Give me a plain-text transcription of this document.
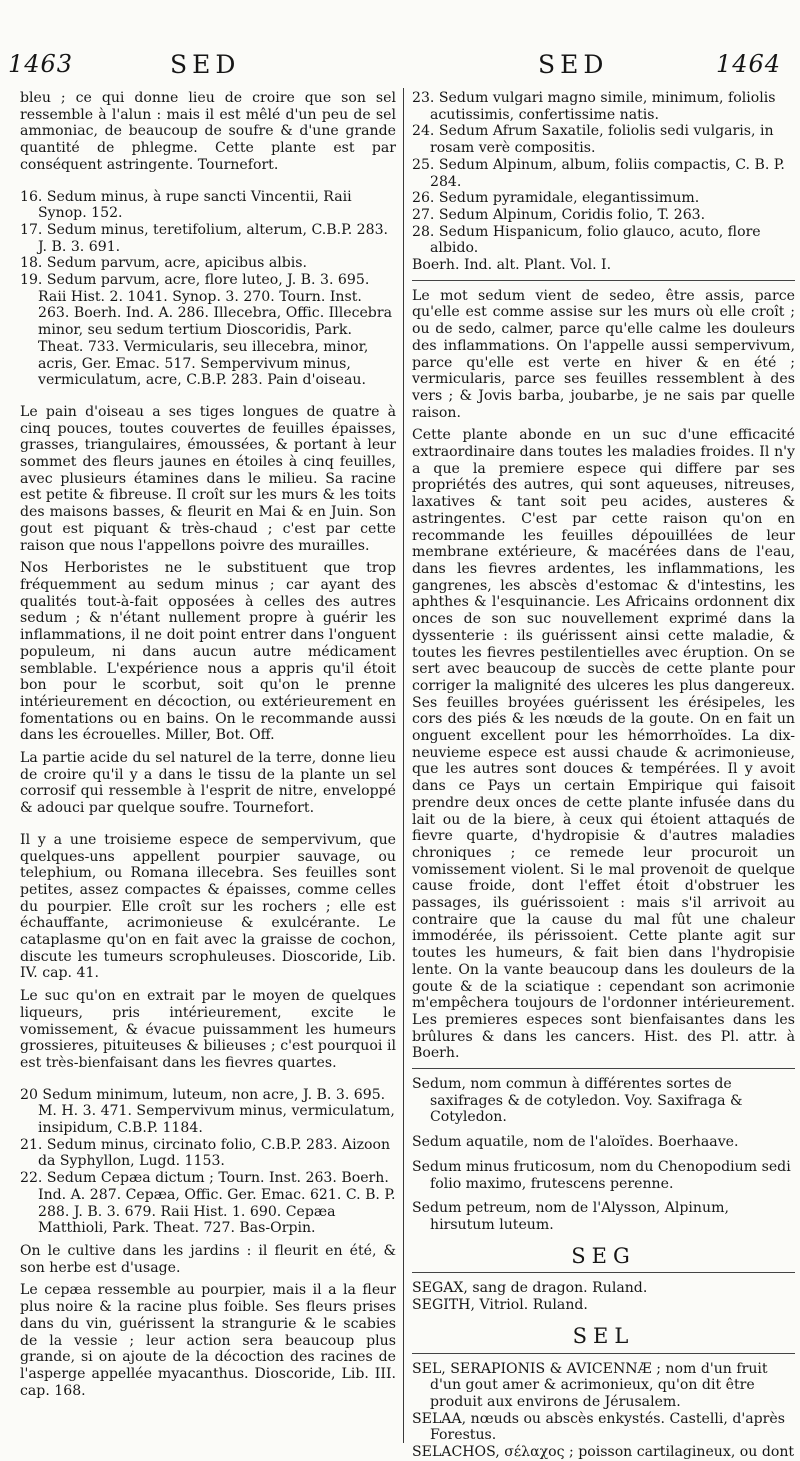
1463	SED	SED	1464

bleu ; ce qui donne lieu de croire que son sel ressemble à l'alun : mais il est mêlé d'un peu de sel ammoniac, de beaucoup de soufre & d'une grande quantité de phlegme. Cette plante est par conséquent astringente. Tournefort.

16. Sedum minus, à rupe sancti Vincentii, Raii Synop. 152.

17. Sedum minus, teretifolium, alterum, C.B.P. 283. J. B. 3. 691.

18. Sedum parvum, acre, apicibus albis.

19. Sedum parvum, acre, flore luteo, J. B. 3. 695. Raii Hist. 2. 1041. Synop. 3. 270. Tourn. Inst. 263. Boerh. Ind. A. 286. Illecebra, Offic. Illecebra minor, seu sedum tertium Dioscoridis, Park. Theat. 733. Vermicularis, seu illecebra, minor, acris, Ger. Emac. 517. Sempervivum minus, vermiculatum, acre, C.B.P. 283. Pain d'oiseau.

Le pain d'oiseau a ses tiges longues de quatre à cinq pouces, toutes couvertes de feuilles épaisses, grasses, triangulaires, émoussées, & portant à leur sommet des fleurs jaunes en étoiles à cinq feuilles, avec plusieurs étamines dans le milieu. Sa racine est petite & fibreuse. Il croît sur les murs & les toits des maisons basses, & fleurit en Mai & en Juin. Son gout est piquant & très-chaud ; c'est par cette raison que nous l'appellons poivre des murailles.

Nos Herboristes ne le substituent que trop fréquemment au sedum minus ; car ayant des qualités tout-à-fait opposées à celles des autres sedum ; & n'étant nullement propre à guérir les inflammations, il ne doit point entrer dans l'onguent populeum, ni dans aucun autre médicament semblable. L'expérience nous a appris qu'il étoit bon pour le scorbut, soit qu'on le prenne intérieurement en décoction, ou extérieurement en fomentations ou en bains. On le recommande aussi dans les écrouelles. Miller, Bot. Off.

La partie acide du sel naturel de la terre, donne lieu de croire qu'il y a dans le tissu de la plante un sel corrosif qui ressemble à l'esprit de nitre, enveloppé & adouci par quelque soufre. Tournefort.

Il y a une troisieme espece de sempervivum, que quelques-uns appellent pourpier sauvage, ou telephium, ou Romana illecebra. Ses feuilles sont petites, assez compactes & épaisses, comme celles du pourpier. Elle croît sur les rochers ; elle est échauffante, acrimonieuse & exulcérante. Le cataplasme qu'on en fait avec la graisse de cochon, discute les tumeurs scrophuleuses. Dioscoride, Lib. IV. cap. 41.

Le suc qu'on en extrait par le moyen de quelques liqueurs, pris intérieurement, excite le vomissement, & évacue puissamment les humeurs grossieres, pituiteuses & bilieuses ; c'est pourquoi il est très-bienfaisant dans les fievres quartes.

20 Sedum minimum, luteum, non acre, J. B. 3. 695. M. H. 3. 471. Sempervivum minus, vermiculatum, insipidum, C.B.P. 1184.

21. Sedum minus, circinato folio, C.B.P. 283. Aizoon da Syphyllon, Lugd. 1153.

22. Sedum Cepæa dictum ; Tourn. Inst. 263. Boerh. Ind. A. 287. Cepæa, Offic. Ger. Emac. 621. C. B. P. 288. J. B. 3. 679. Raii Hist. 1. 690. Cepæa Matthioli, Park. Theat. 727. Bas-Orpin.

On le cultive dans les jardins : il fleurit en été, & son herbe est d'usage.

Le cepæa ressemble au pourpier, mais il a la fleur plus noire & la racine plus foible. Ses fleurs prises dans du vin, guérissent la strangurie & le scabies de la vessie ; leur action sera beaucoup plus grande, si on ajoute de la décoction des racines de l'asperge appellée myacanthus. Dioscoride, Lib. III. cap. 168.

23. Sedum vulgari magno simile, minimum, foliolis acutissimis, confertissime natis.

24. Sedum Afrum Saxatile, foliolis sedi vulgaris, in rosam verè compositis.

25. Sedum Alpinum, album, foliis compactis, C. B. P. 284.

26. Sedum pyramidale, elegantissimum.

27. Sedum Alpinum, Coridis folio, T. 263.

28. Sedum Hispanicum, folio glauco, acuto, flore albido.

Boerh. Ind. alt. Plant. Vol. I.

Le mot sedum vient de sedeo, être assis, parce qu'elle est comme assise sur les murs où elle croît ; ou de sedo, calmer, parce qu'elle calme les douleurs des inflammations. On l'appelle aussi sempervivum, parce qu'elle est verte en hiver & en été ; vermicularis, parce ses feuilles ressemblent à des vers ; & Jovis barba, joubarbe, je ne sais par quelle raison.

Cette plante abonde en un suc d'une efficacité extraordinaire dans toutes les maladies froides. Il n'y a que la premiere espece qui differe par ses propriétés des autres, qui sont aqueuses, nitreuses, laxatives & tant soit peu acides, austeres & astringentes. C'est par cette raison qu'on en recommande les feuilles dépouillées de leur membrane extérieure, & macérées dans de l'eau, dans les fievres ardentes, les inflammations, les gangrenes, les abscès d'estomac & d'intestins, les aphthes & l'esquinancie. Les Africains ordonnent dix onces de son suc nouvellement exprimé dans la dyssenterie : ils guérissent ainsi cette maladie, & toutes les fievres pestilentielles avec éruption. On se sert avec beaucoup de succès de cette plante pour corriger la malignité des ulceres les plus dangereux. Ses feuilles broyées guérissent les érésipeles, les cors des piés & les nœuds de la goute. On en fait un onguent excellent pour les hémorrhoïdes. La dix-neuvieme espece est aussi chaude & acrimonieuse, que les autres sont douces & tempérées. Il y avoit dans ce Pays un certain Empirique qui faisoit prendre deux onces de cette plante infusée dans du lait ou de la biere, à ceux qui étoient attaqués de fievre quarte, d'hydropisie & d'autres maladies chroniques ; ce remede leur procuroit un vomissement violent. Si le mal provenoit de quelque cause froide, dont l'effet étoit d'obstruer les passages, ils guérissoient : mais s'il arrivoit au contraire que la cause du mal fût une chaleur immodérée, ils périssoient. Cette plante agit sur toutes les humeurs, & fait bien dans l'hydropisie lente. On la vante beaucoup dans les douleurs de la goute & de la sciatique : cependant son acrimonie m'empêchera toujours de l'ordonner intérieurement. Les premieres especes sont bienfaisantes dans les brûlures & dans les cancers. Hist. des Pl. attr. à Boerh.

Sedum, nom commun à différentes sortes de saxifrages & de cotyledon. Voy. Saxifraga & Cotyledon.

Sedum aquatile, nom de l'aloïdes. Boerhaave.

Sedum minus fruticosum, nom du Chenopodium sedi folio maximo, frutescens perenne.

Sedum petreum, nom de l'Alysson, Alpinum, hirsutum luteum.

SEG

SEGAX, sang de dragon. Ruland.

SEGITH, Vitriol. Ruland.

SEL

SEL, SERAPIONIS & AVICENNÆ ; nom d'un fruit d'un gout amer & acrimonieux, qu'on dit être produit aux environs de Jérusalem.

SELAA, nœuds ou abscès enkystés. Castelli, d'après Forestus.

SELACHOS, σέλαχος ; poisson cartilagineux, ou dont
